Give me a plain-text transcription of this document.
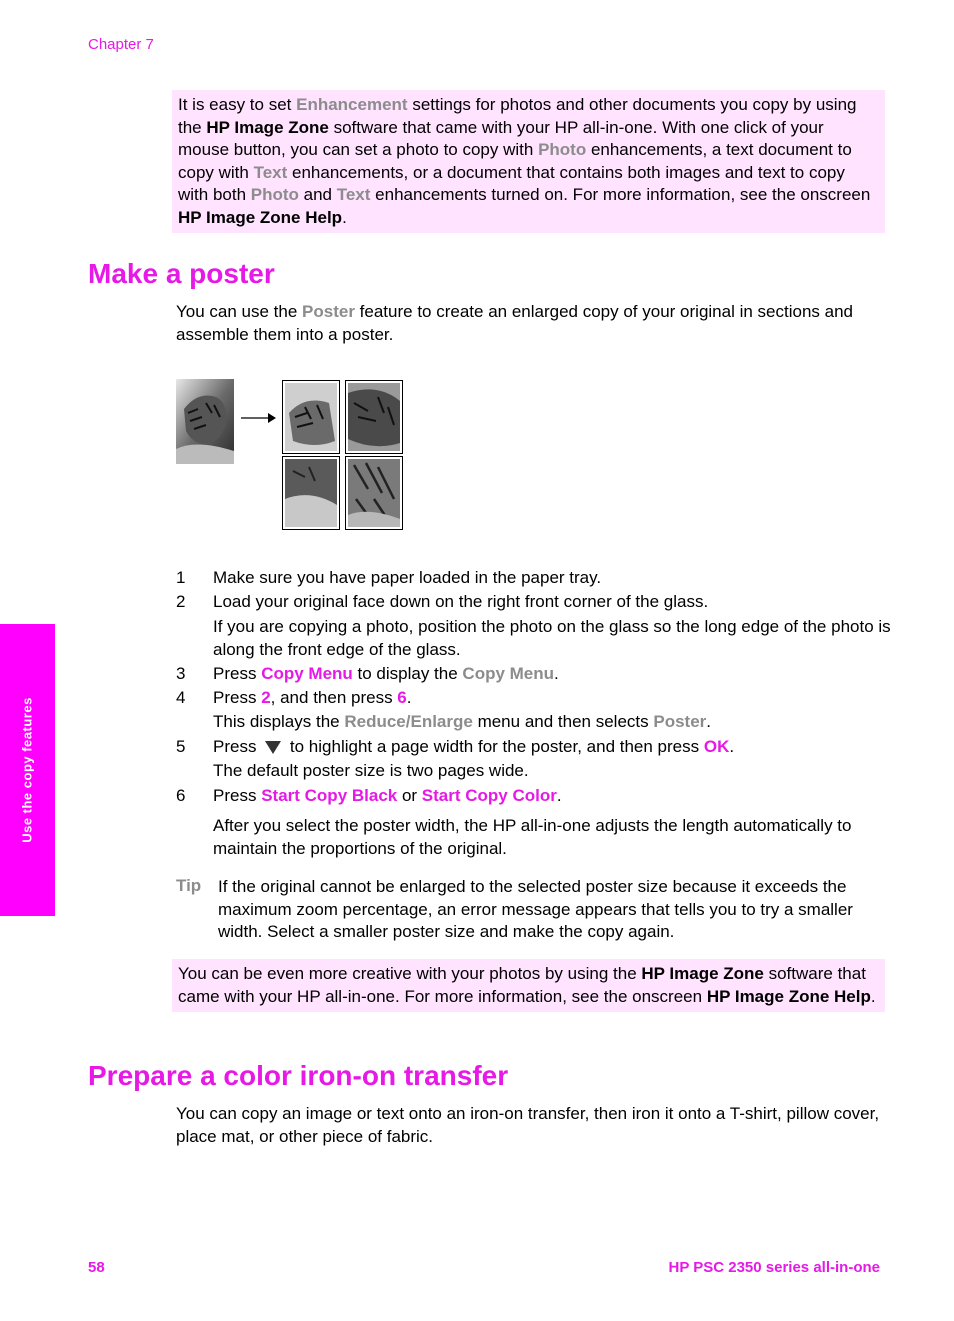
Chapter 7
It is easy to set Enhancement settings for photos and other documents you copy by using the HP Image Zone software that came with your HP all-in-one. With one click of your mouse button, you can set a photo to copy with Photo enhancements, a text document to copy with Text enhancements, or a document that contains both images and text to copy with both Photo and Text enhancements turned on. For more information, see the onscreen HP Image Zone Help.
Make a poster
You can use the Poster feature to create an enlarged copy of your original in sections and assemble them into a poster.
1 Make sure you have paper loaded in the paper tray.
2 Load your original face down on the right front corner of the glass.
If you are copying a photo, position the photo on the glass so the long edge of the photo is along the front edge of the glass.
3 Press Copy Menu to display the Copy Menu.
4 Press 2, and then press 6.
This displays the Reduce/Enlarge menu and then selects Poster.
5 Press  to highlight a page width for the poster, and then press OK.
The default poster size is two pages wide.
6 Press Start Copy Black or Start Copy Color.
After you select the poster width, the HP all-in-one adjusts the length automatically to maintain the proportions of the original.
Tip If the original cannot be enlarged to the selected poster size because it exceeds the maximum zoom percentage, an error message appears that tells you to try a smaller width. Select a smaller poster size and make the copy again.
You can be even more creative with your photos by using the HP Image Zone software that came with your HP all-in-one. For more information, see the onscreen HP Image Zone Help.
Prepare a color iron-on transfer
You can copy an image or text onto an iron-on transfer, then iron it onto a T-shirt, pillow cover, place mat, or other piece of fabric.
Use the copy features
58	HP PSC 2350 series all-in-one
